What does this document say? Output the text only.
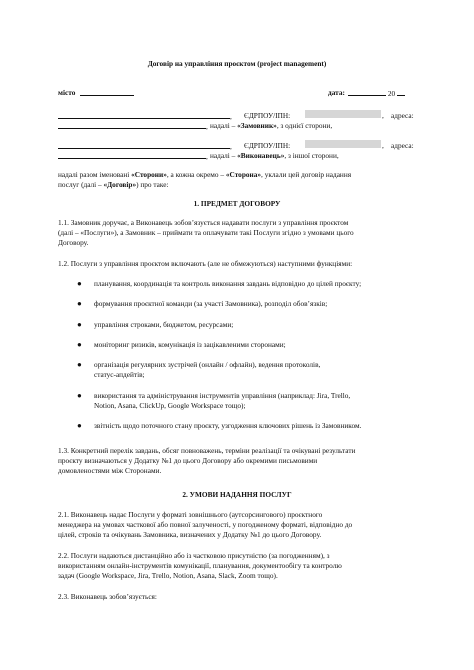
Договір на управління проєктом (project management)
місто	дата:	20
, ЄДРПОУ/ІПН:	, адреса:
, надалі – «Замовник», з однієї сторони,
, ЄДРПОУ/ІПН:	, адреса:
, надалі – «Виконавець», з іншої сторони,
надалі разом іменовані «Сторони», а кожна окремо – «Сторона», уклали цей договір надання
послуг (далі – «Договір») про таке:
1. ПРЕДМЕТ ДОГОВОРУ
1.1. Замовник доручає, а Виконавець зобов’язується надавати послуги з управління проєктом
(далі – «Послуги»), а Замовник – приймати та оплачувати такі Послуги згідно з умовами цього
Договору.
1.2. Послуги з управління проєктом включають (але не обмежуються) наступними функціями:
● планування, координація та контроль виконання завдань відповідно до цілей проєкту;
● формування проєктної команди (за участі Замовника), розподіл обов’язків;
● управління строками, бюджетом, ресурсами;
● моніторинг ризиків, комунікація із зацікавленими сторонами;
● організація регулярних зустрічей (онлайн / офлайн), ведення протоколів,
статус-апдейтів;
● використання та адміністрування інструментів управління (наприклад: Jira, Trello,
Notion, Asana, ClickUp, Google Workspace тощо);
● звітність щодо поточного стану проєкту, узгодження ключових рішень із Замовником.
1.3. Конкретний перелік завдань, обсяг повноважень, терміни реалізації та очікувані результати
проєкту визначаються у Додатку №1 до цього Договору або окремими письмовими
домовленостями між Сторонами.
2. УМОВИ НАДАННЯ ПОСЛУГ
2.1. Виконавець надає Послуги у форматі зовнішнього (аутсорсингового) проєктного
менеджера на умовах часткової або повної залученості, у погодженому форматі, відповідно до
цілей, строків та очікувань Замовника, визначених у Додатку №1 до цього Договору.
2.2. Послуги надаються дистанційно або із частковою присутністю (за погодженням), з
використанням онлайн-інструментів комунікації, планування, документообігу та контролю
задач (Google Workspace, Jira, Trello, Notion, Asana, Slack, Zoom тощо).
2.3. Виконавець зобов’язується:
